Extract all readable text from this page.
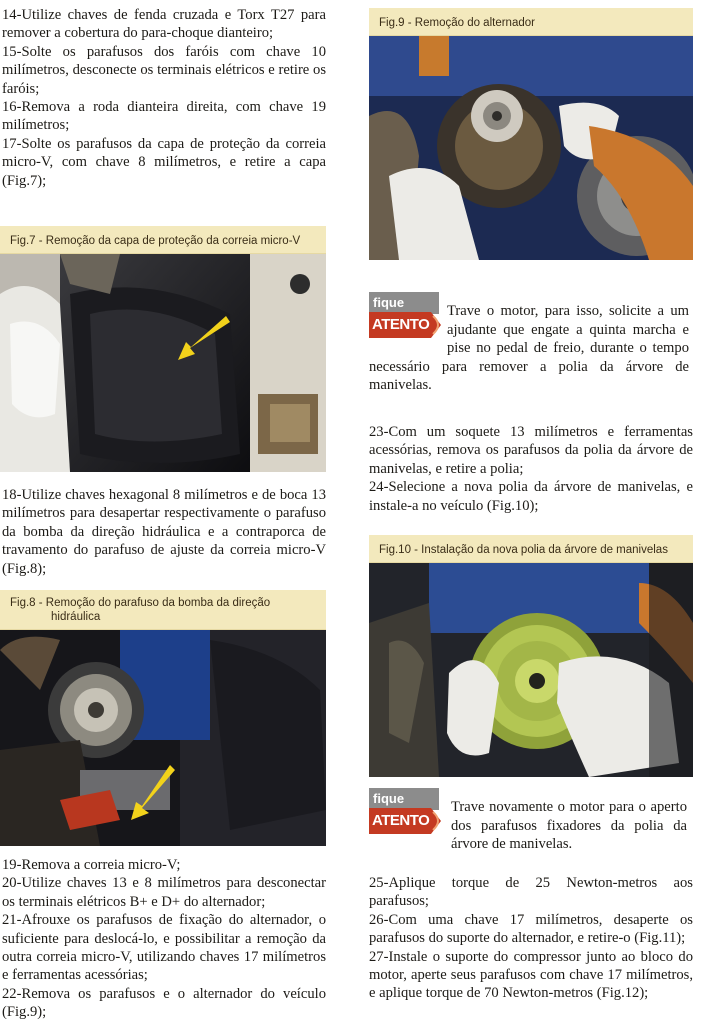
14-Utilize chaves de fenda cruzada e Torx T27 para remover a cobertura do para-choque dianteiro;

15-Solte os parafusos dos faróis com chave 10 milímetros, desconecte os terminais elétricos e retire os faróis;

16-Remova a roda dianteira direita, com chave 19 milímetros;

17-Solte os parafusos da capa de proteção da correia micro-V, com chave 8 milímetros, e retire a capa (Fig.7);

Fig.7 - Remoção da capa de proteção da correia micro-V

18-Utilize chaves hexagonal 8 milímetros e de boca 13 milímetros para desapertar respectivamente o parafuso da bomba da direção hidráulica e a contraporca de travamento do parafuso de ajuste da correia micro-V (Fig.8);

Fig.8 - Remoção do parafuso da bomba da direção
hidráulica

19-Remova a correia micro-V;

20-Utilize chaves 13 e 8 milímetros para desconectar os terminais elétricos B+ e D+ do alternador;

21-Afrouxe os parafusos de fixação do alternador, o suficiente para deslocá-lo, e possibilitar a remoção da outra correia micro-V, utilizando chaves 17 milímetros e ferramentas acessórias;

22-Remova os parafusos e o alternador do veículo (Fig.9);

Fig.9 - Remoção do alternador
fique
ATENTO
Trave o motor, para isso, solicite a um ajudante que engate a quinta marcha e pise no pedal de freio, durante o tempo necessário para remover a polia da árvore de manivelas.

23-Com um soquete 13 milímetros e ferramentas acessórias, remova os parafusos da polia da árvore de manivelas, e retire a polia;

24-Selecione a nova polia da árvore de manivelas, e instale-a no veículo (Fig.10);

Fig.10 - Instalação da nova polia da árvore de manivelas
fique
ATENTO
Trave novamente o motor para o aperto dos parafusos fixadores da polia da árvore de manivelas.

25-Aplique torque de 25 Newton-metros aos parafusos;

26-Com uma chave 17 milímetros, desaperte os parafusos do suporte do alternador, e retire-o (Fig.11);

27-Instale o suporte do compressor junto ao bloco do motor, aperte seus parafusos com chave 17 milímetros, e aplique torque de 70 Newton-metros (Fig.12);
